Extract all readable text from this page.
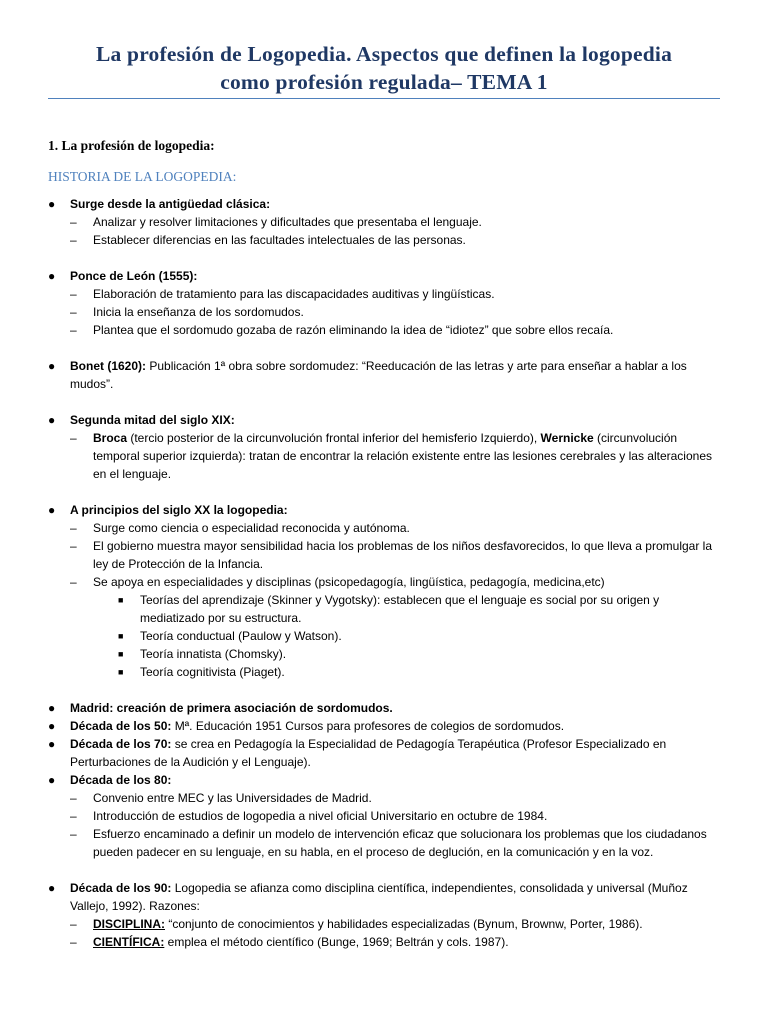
La profesión de Logopedia. Aspectos que definen la logopedia
como profesión regulada– TEMA 1
1. La profesión de logopedia:
HISTORIA DE LA LOGOPEDIA:
●	Surge desde la antigüedad clásica:
–	Analizar y resolver limitaciones y dificultades que presentaba el lenguaje.
–	Establecer diferencias en las facultades intelectuales de las personas.
●	Ponce de León (1555):
–	Elaboración de tratamiento para las discapacidades auditivas y lingüísticas.
–	Inicia la enseñanza de los sordomudos.
–	Plantea que el sordomudo gozaba de razón eliminando la idea de “idiotez” que sobre ellos recaía.
●	Bonet (1620): Publicación 1ª obra sobre sordomudez: “Reeducación de las letras y arte para enseñar a hablar a los mudos”.
●	Segunda mitad del siglo XIX:
–	Broca (tercio posterior de la circunvolución frontal inferior del hemisferio Izquierdo), Wernicke (circunvolución temporal superior izquierda): tratan de encontrar la relación existente entre las lesiones cerebrales y las alteraciones en el lenguaje.
●	A principios del siglo XX la logopedia:
–	Surge como ciencia o especialidad reconocida y autónoma.
–	El gobierno muestra mayor sensibilidad hacia los problemas de los niños desfavorecidos, lo que lleva a promulgar la ley de Protección de la Infancia.
–	Se apoya en especialidades y disciplinas (psicopedagogía, lingüística, pedagogía, medicina,etc)
■	Teorías del aprendizaje (Skinner y Vygotsky): establecen que el lenguaje es social por su origen y mediatizado por su estructura.
■	Teoría conductual (Paulow y Watson).
■	Teoría innatista (Chomsky).
■	Teoría cognitivista (Piaget).
●	Madrid: creación de primera asociación de sordomudos.
●	Década de los 50: Mª. Educación 1951 Cursos para profesores de colegios de sordomudos.
●	Década de los 70: se crea en Pedagogía la Especialidad de Pedagogía Terapéutica (Profesor Especializado en Perturbaciones de la Audición y el Lenguaje).
●	Década de los 80:
–	Convenio entre MEC y las Universidades de Madrid.
–	Introducción de estudios de logopedia a nivel oficial Universitario en octubre de 1984.
–	Esfuerzo encaminado a definir un modelo de intervención eficaz que solucionara los problemas que los ciudadanos pueden padecer en su lenguaje, en su habla, en el proceso de deglución, en la comunicación y en la voz.
●	Década de los 90: Logopedia se afianza como disciplina científica, independientes, consolidada y universal (Muñoz Vallejo, 1992). Razones:
–	DISCIPLINA: “conjunto de conocimientos y habilidades especializadas (Bynum, Brownw, Porter, 1986).
–	CIENTÍFICA: emplea el método científico (Bunge, 1969; Beltrán y cols. 1987).
